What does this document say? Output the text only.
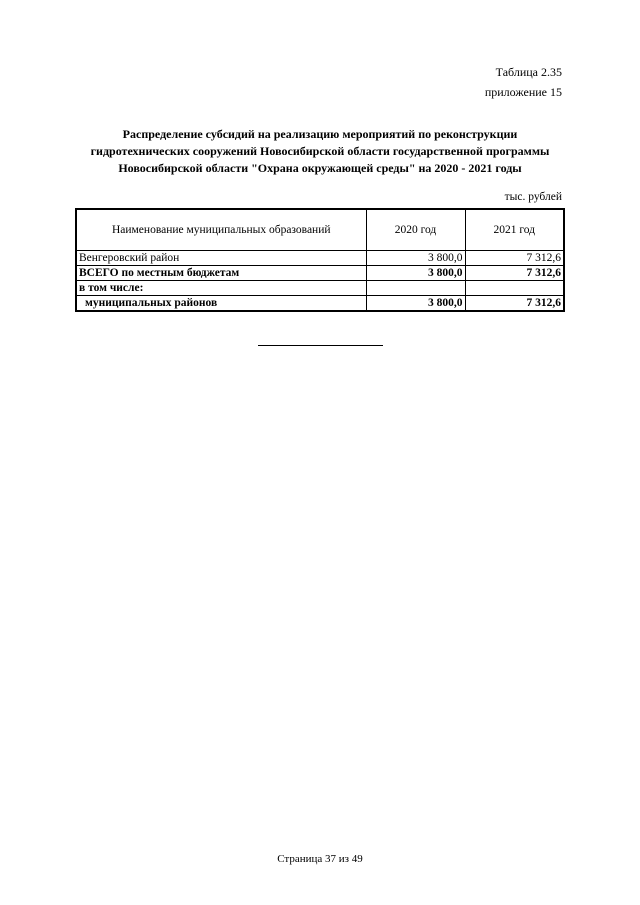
Таблица 2.35
приложение 15
Распределение субсидий на реализацию мероприятий по реконструкции
гидротехнических сооружений Новосибирской области государственной программы
Новосибирской области "Охрана окружающей среды" на 2020 - 2021 годы
тыс. рублей
Наименование муниципальных образований	2020 год	2021 год
Венгеровский район	3 800,0	7 312,6
ВСЕГО по местным бюджетам	3 800,0	7 312,6
в том числе:		
муниципальных районов	3 800,0	7 312,6
Страница 37 из 49
